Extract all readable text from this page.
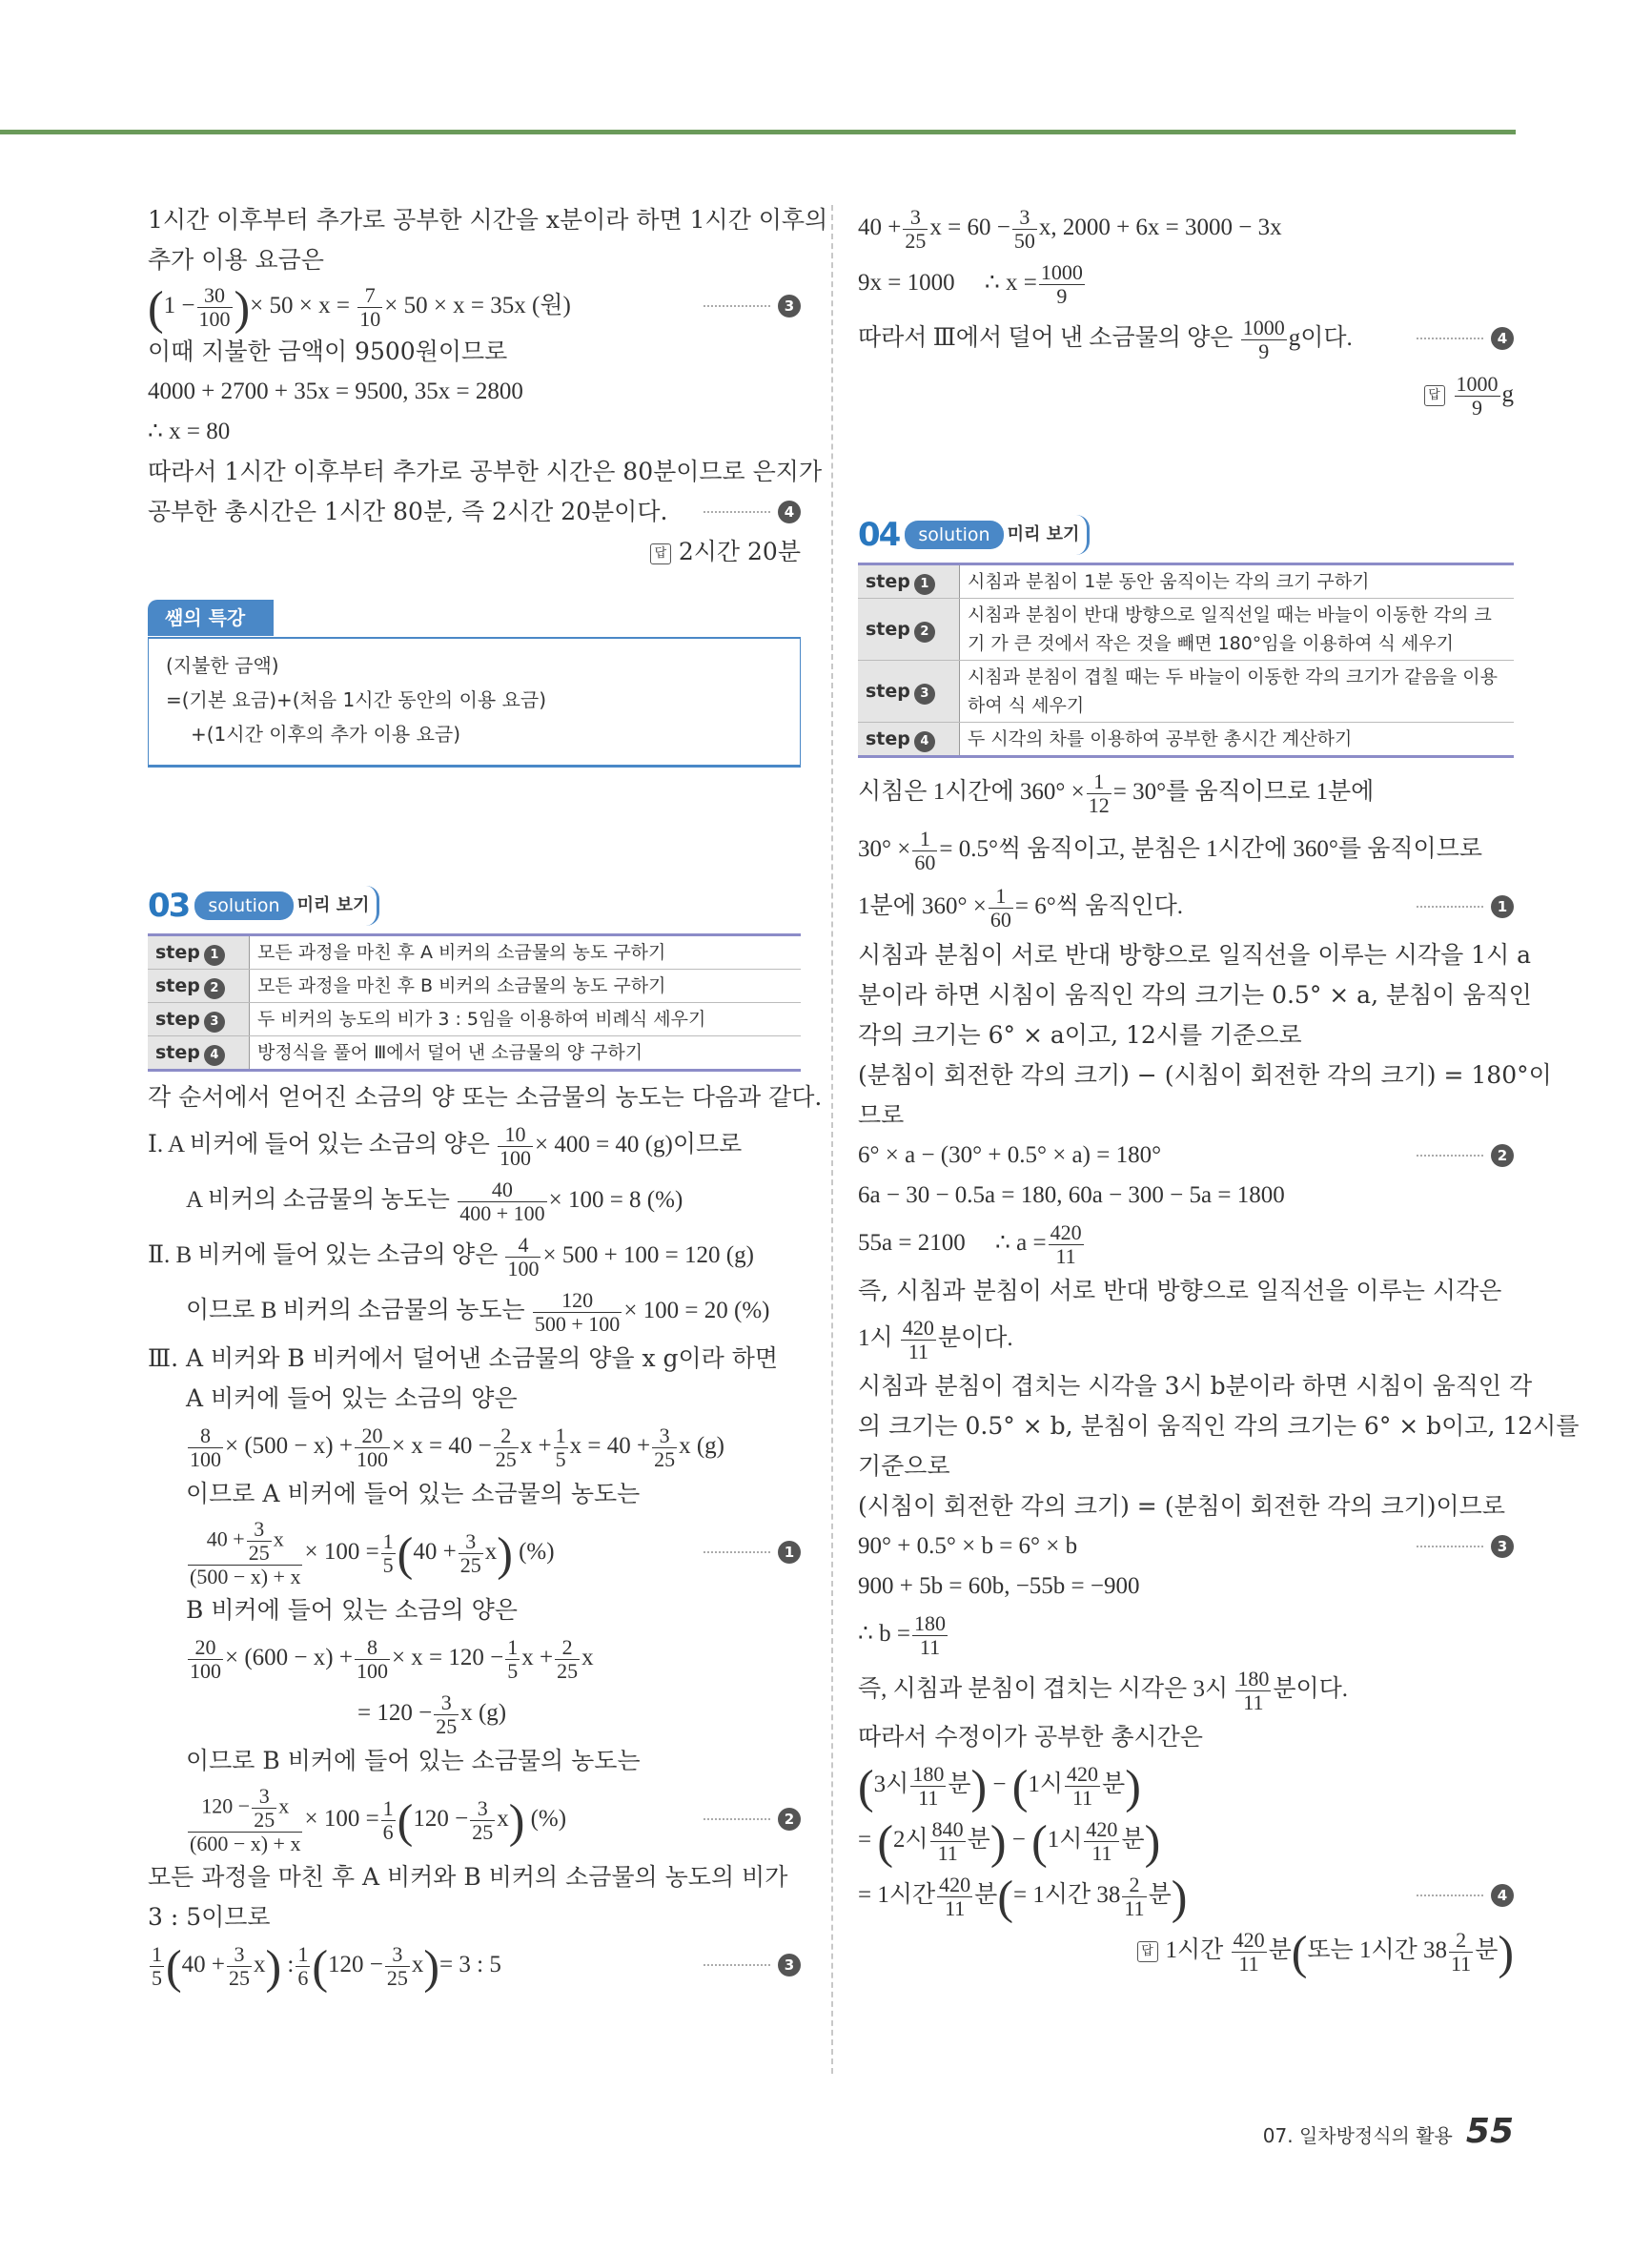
1시간 이후부터 추가로 공부한 시간을 x분이라 하면 1시간 이후의
추가 이용 요금은
($1 - \frac{30}{100}$ )× $50 \times x = \frac{7}{10} \times 50 \times x = 35x$ (원)	3
이때 지불한 금액이 9500원이므로
4000 + 2700 + 35x = 9500, 35x = 2800
∴ x = 80
따라서 1시간 이후부터 추가로 공부한 시간은 80분이므로 은지가
공부한 총시간은 1시간 80분, 즉 2시간 20분이다.	4
답 2시간 20분
쌤의 특강
(지불한 금액)
=(기본 요금)+(처음 1시간 동안의 이용 요금)
+(1시간 이후의 추가 이용 요금)
03	solution	미리 보기
step 1	모든 과정을 마친 후 A 비커의 소금물의 농도 구하기
step 2	모든 과정을 마친 후 B 비커의 소금물의 농도 구하기
step 3	두 비커의 농도의 비가 3 : 5임을 이용하여 비례식 세우기
step 4	방정식을 풀어 Ⅲ에서 덜어 낸 소금물의 양 구하기
각 순서에서 얻어진 소금의 양 또는 소금물의 농도는 다음과 같다.
Ⅰ. A 비커에 들어 있는 소금의 양은 $\frac{10}{100} \times 400 = 40$ (g)이므로
A 비커의 소금물의 농도는 $\frac{40}{400 + 100} \times 100 = 8$ (%)
Ⅱ. B 비커에 들어 있는 소금의 양은 $\frac{4}{100} \times 500 + 100 = 120$ (g)
이므로 B 비커의 소금물의 농도는 $\frac{120}{500 + 100} \times 100 = 20$ (%)
Ⅲ. A 비커와 B 비커에서 덜어낸 소금물의 양을 x g이라 하면
A 비커에 들어 있는 소금의 양은
$\frac{8}{100} \times (500 - x) + \frac{20}{100} \times x = 40 - \frac{2}{25}$ $x + \frac{1}{5}$ $x = 40 + \frac{3}{25}$ x (g)
이므로 A 비커에 들어 있는 소금물의 농도는
$\frac{40 + \frac{3}{25} x}{(500 - x) + x} \times 100 = \frac{1}{5} (40 + \frac{3}{25} x)$ (%)	1
B 비커에 들어 있는 소금의 양은
$\frac{20}{100} \times (600 - x) + \frac{8}{100} \times x = 120 - \frac{1}{5}$ $x + \frac{2}{25}$ x
= $120 - \frac{3}{25}$ x (g)
이므로 B 비커에 들어 있는 소금물의 농도는
$\frac{120 - \frac{3}{25} x}{(600 - x) + x} \times 100 = \frac{1}{6} (120 - \frac{3}{25} x)$ (%)	2
모든 과정을 마친 후 A 비커와 B 비커의 소금물의 농도의 비가
3 : 5이므로
$\frac{1}{5} (40 + \frac{3}{25} x)$ : $\frac{1}{6} (120 - \frac{3}{25} x)= 3$ : 5	3
$40 + \frac{3}{25}$ $x = 60 - \frac{3}{50} x$, 2000 + 6x = 3000 − 3x
9x = 1000 ∴ $x = \frac{1000}{9}$
따라서 Ⅲ에서 덜어 낸 소금물의 양은 $\frac{1000}{9}$ g이다.	4
답 $\frac{1000}{9}$ g
04	solution	미리 보기
step 1	시침과 분침이 1분 동안 움직이는 각의 크기 구하기
step 2	시침과 분침이 반대 방향으로 일직선일 때는 바늘이 이동한 각의 크기 가 큰 것에서 작은 것을 빼면 180°임을 이용하여 식 세우기
step 3	시침과 분침이 겹칠 때는 두 바늘이 이동한 각의 크기가 같음을 이용 하여 식 세우기
step 4	두 시각의 차를 이용하여 공부한 총시간 계산하기
시침은 1시간에 $360^\circ \times \frac{1}{12} = 30^\circ$를 움직이므로 1분에
$30^\circ \times \frac{1}{60} = 0.5^\circ$씩 움직이고, 분침은 1시간에 360°를 움직이므로
1분에 $360^\circ \times \frac{1}{60} = 6^\circ$씩 움직인다.	1
시침과 분침이 서로 반대 방향으로 일직선을 이루는 시각을 1시 a
분이라 하면 시침이 움직인 각의 크기는 0.5° × a, 분침이 움직인
각의 크기는 6° × a이고, 12시를 기준으로
(분침이 회전한 각의 크기) − (시침이 회전한 각의 크기) = 180°이
므로
6° × a − (30° + 0.5° × a) = 180°	2
6a − 30 − 0.5a = 180, 60a − 300 − 5a = 1800
55a = 2100 ∴ $a = \frac{420}{11}$
즉, 시침과 분침이 서로 반대 방향으로 일직선을 이루는 시각은
1시 $\frac{420}{11}$ 분이다.
시침과 분침이 겹치는 시각을 3시 b분이라 하면 시침이 움직인 각
의 크기는 0.5° × b, 분침이 움직인 각의 크기는 6° × b이고, 12시를
기준으로
(시침이 회전한 각의 크기) = (분침이 회전한 각의 크기)이므로
90° + 0.5° × b = 6° × b	3
900 + 5b = 60b, −55b = −900
∴ $b = \frac{180}{11}$
즉, 시침과 분침이 겹치는 시각은 3시 $\frac{180}{11}$ 분이다.
따라서 수정이가 공부한 총시간은
(3시 $\frac{180}{11}$ 분) − (1시 $\frac{420}{11}$ 분)
= (2시 $\frac{840}{11}$ 분) − (1시 $\frac{420}{11}$ 분)
= 1시간 $\frac{420}{11}$ 분(= 1시간 $38 \frac{2}{11}$ 분)	4
답 1시간 $\frac{420}{11}$ 분(또는 1시간 $38 \frac{2}{11}$ 분)
07. 일차방정식의 활용 55
